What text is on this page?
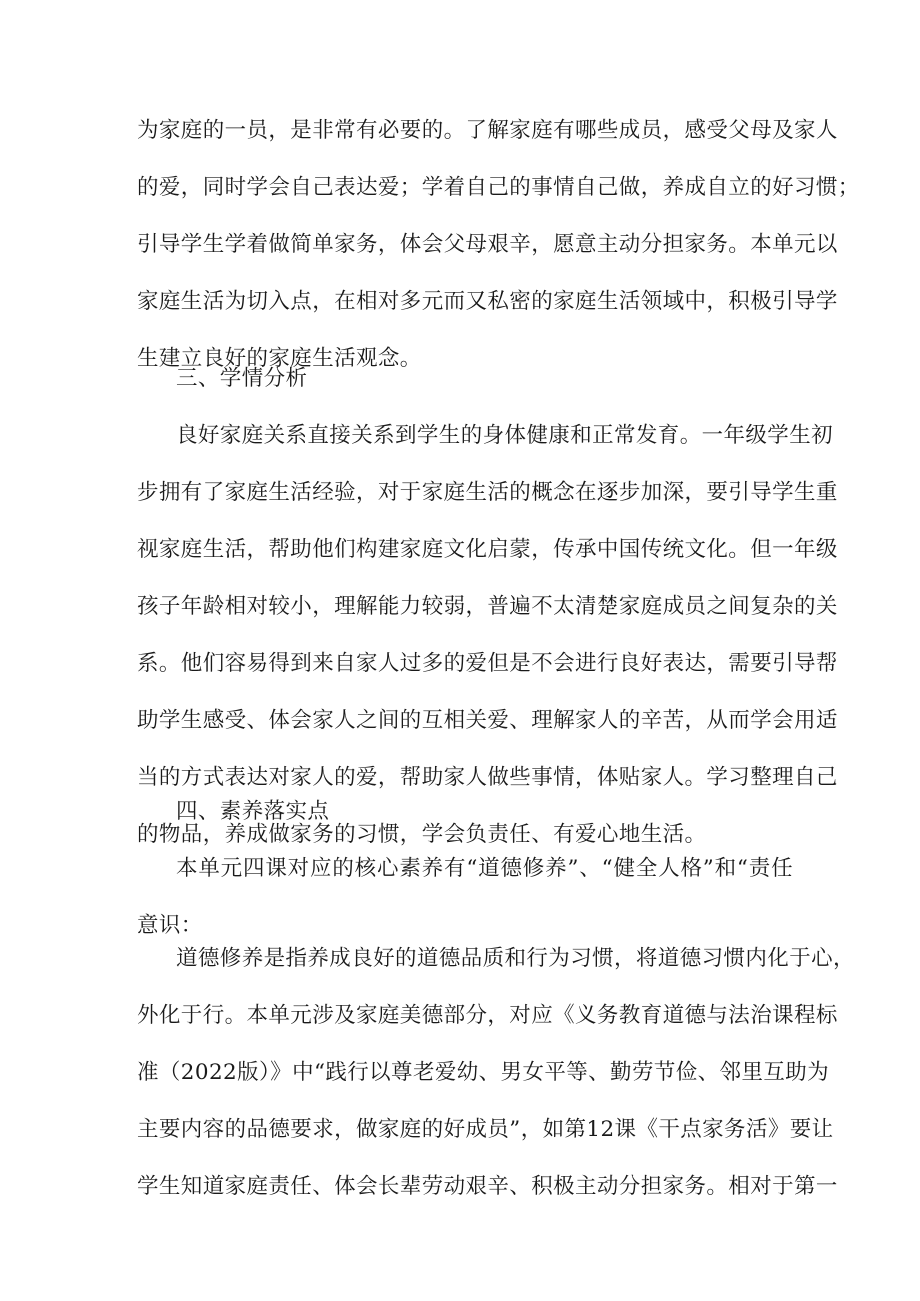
为家庭的一员，是非常有必要的。了解家庭有哪些成员，感受父母及家人
的爱，同时学会自己表达爱；学着自己的事情自己做，养成自立的好习惯；
引导学生学着做简单家务，体会父母艰辛，愿意主动分担家务。本单元以
家庭生活为切入点，在相对多元而又私密的家庭生活领域中，积极引导学
生建立良好的家庭生活观念。
三、学情分析
良好家庭关系直接关系到学生的身体健康和正常发育。一年级学生初
步拥有了家庭生活经验，对于家庭生活的概念在逐步加深，要引导学生重
视家庭生活，帮助他们构建家庭文化启蒙，传承中国传统文化。但一年级
孩子年龄相对较小，理解能力较弱，普遍不太清楚家庭成员之间复杂的关
系。他们容易得到来自家人过多的爱但是不会进行良好表达，需要引导帮
助学生感受、体会家人之间的互相关爱、理解家人的辛苦，从而学会用适
当的方式表达对家人的爱，帮助家人做些事情，体贴家人。学习整理自己
的物品，养成做家务的习惯，学会负责任、有爱心地生活。
四、素养落实点
本单元四课对应的核心素养有“道德修养”、“健全人格”和“责任
意识：
道德修养是指养成良好的道德品质和行为习惯，将道德习惯内化于心，
外化于行。本单元涉及家庭美德部分，对应《义务教育道德与法治课程标
准（2022版）》中“践行以尊老爱幼、男女平等、勤劳节俭、邻里互助为
主要内容的品德要求，做家庭的好成员”，如第12课《干点家务活》要让
学生知道家庭责任、体会长辈劳动艰辛、积极主动分担家务。相对于第一
